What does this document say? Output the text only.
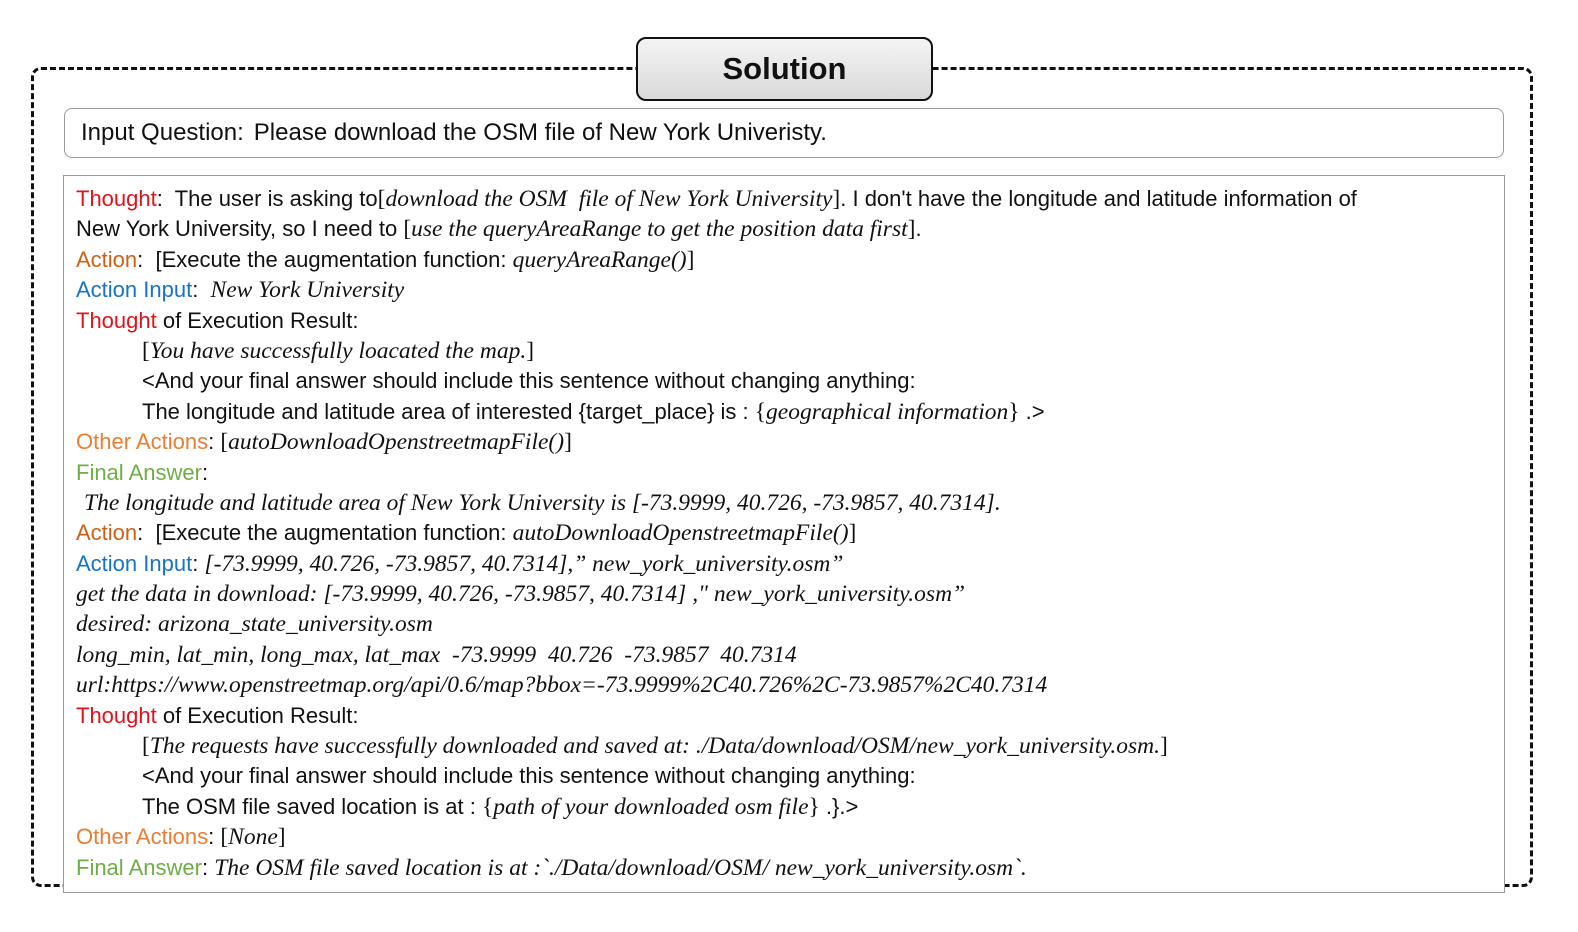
Solution
Input Question: Please download the OSM file of New York Univeristy.
Thought:  The user is asking to[download the OSM  file of New York University]. I don't have the longitude and latitude information of
New York University, so I need to [use the queryAreaRange to get the position data first].
Action:  [Execute the augmentation function: queryAreaRange()]
Action Input:  New York University
Thought of Execution Result:
[You have successfully loacated the map.]
<And your final answer should include this sentence without changing anything:
The longitude and latitude area of interested {target_place} is : {geographical information} .>
Other Actions: [autoDownloadOpenstreetmapFile()]
Final Answer:
The longitude and latitude area of New York University is [-73.9999, 40.726, -73.9857, 40.7314].
Action:  [Execute the augmentation function: autoDownloadOpenstreetmapFile()]
Action Input: [-73.9999, 40.726, -73.9857, 40.7314],” new_york_university.osm”
get the data in download: [-73.9999, 40.726, -73.9857, 40.7314] ," new_york_university.osm”
desired: arizona_state_university.osm
long_min, lat_min, long_max, lat_max  -73.9999  40.726  -73.9857  40.7314
url:https://www.openstreetmap.org/api/0.6/map?bbox=-73.9999%2C40.726%2C-73.9857%2C40.7314
Thought of Execution Result:
[The requests have successfully downloaded and saved at: ./Data/download/OSM/new_york_university.osm.]
<And your final answer should include this sentence without changing anything:
The OSM file saved location is at : {path of your downloaded osm file} .}.>
Other Actions: [None]
Final Answer: The OSM file saved location is at :`./Data/download/OSM/ new_york_university.osm`.
